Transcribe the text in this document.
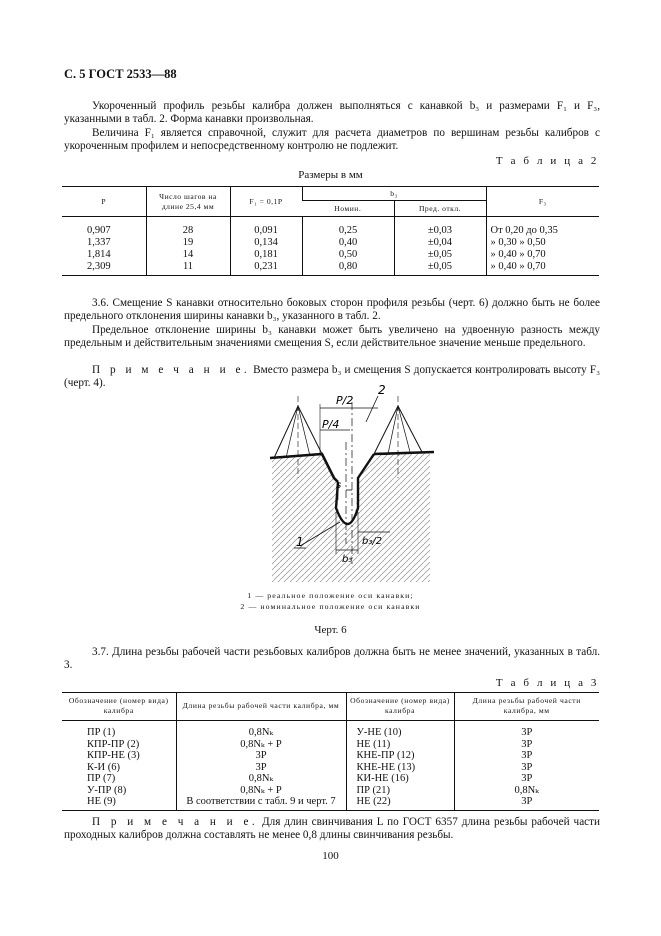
С. 5 ГОСТ 2533—88
Укороченный профиль резьбы калибра должен выполняться с канавкой b₃ и размерами F₁ и F₃, указанными в табл. 2. Форма канавки произвольная.
Величина F₁ является справочной, служит для расчета диаметров по вершинам резьбы калибров с укороченным профилем и непосредственному контролю не подлежит.
Т а б л и ц а 2
Размеры в мм
P	Число шагов на длине 25,4 мм	F₁ = 0,1P	b₃		F₃
			Номин.	Пред. откл.	
0,907	28	0,091	0,25	±0,03	От 0,20 до 0,35
1,337	19	0,134	0,40	±0,04	» 0,30 » 0,50
1,814	14	0,181	0,50	±0,05	» 0,40 » 0,70
2,309	11	0,231	0,80	±0,05	» 0,40 » 0,70
3.6. Смещение S канавки относительно боковых сторон профиля резьбы (черт. 6) должно быть не более предельного отклонения ширины канавки b₃, указанного в табл. 2.
Предельное отклонение ширины b₃ канавки может быть увеличено на удвоенную разность между предельным и действительным значениями смещения S, если действительное значение меньше предельного.
П р и м е ч а н и е. Вместо размера b₃ и смещения S допускается контролировать высоту F₃ (черт. 4).
P/2
P/4
2
1
s
b₃
b₃/2
1 — реальное положение оси канавки;
2 — номинальное положение оси канавки
Черт. 6
3.7. Длина резьбы рабочей части резьбовых калибров должна быть не менее значений, указанных в табл. 3.
Т а б л и ц а 3
Обозначение (номер вида) калибра	Длина резьбы рабочей части калибра, мм	Обозначение (номер вида) калибра	Длина резьбы рабочей части калибра, мм
ПР (1)	0,8Nₖ	У-НЕ (10)	3P
КПР-ПР (2)	0,8Nₖ + P	НЕ (11)	3P
КПР-НЕ (3)	3P	КНЕ-ПР (12)	3P
К-И (6)	3P	КНЕ-НЕ (13)	3P
ПР (7)	0,8Nₖ	КИ-НЕ (16)	3P
У-ПР (8)	0,8Nₖ + P	ПР (21)	0,8Nₖ
НЕ (9)	В соответствии с табл. 9 и черт. 7	НЕ (22)	3P
П р и м е ч а н и е. Для длин свинчивания L по ГОСТ 6357 длина резьбы рабочей части проходных калибров должна составлять не менее 0,8 длины свинчивания резьбы.
100
